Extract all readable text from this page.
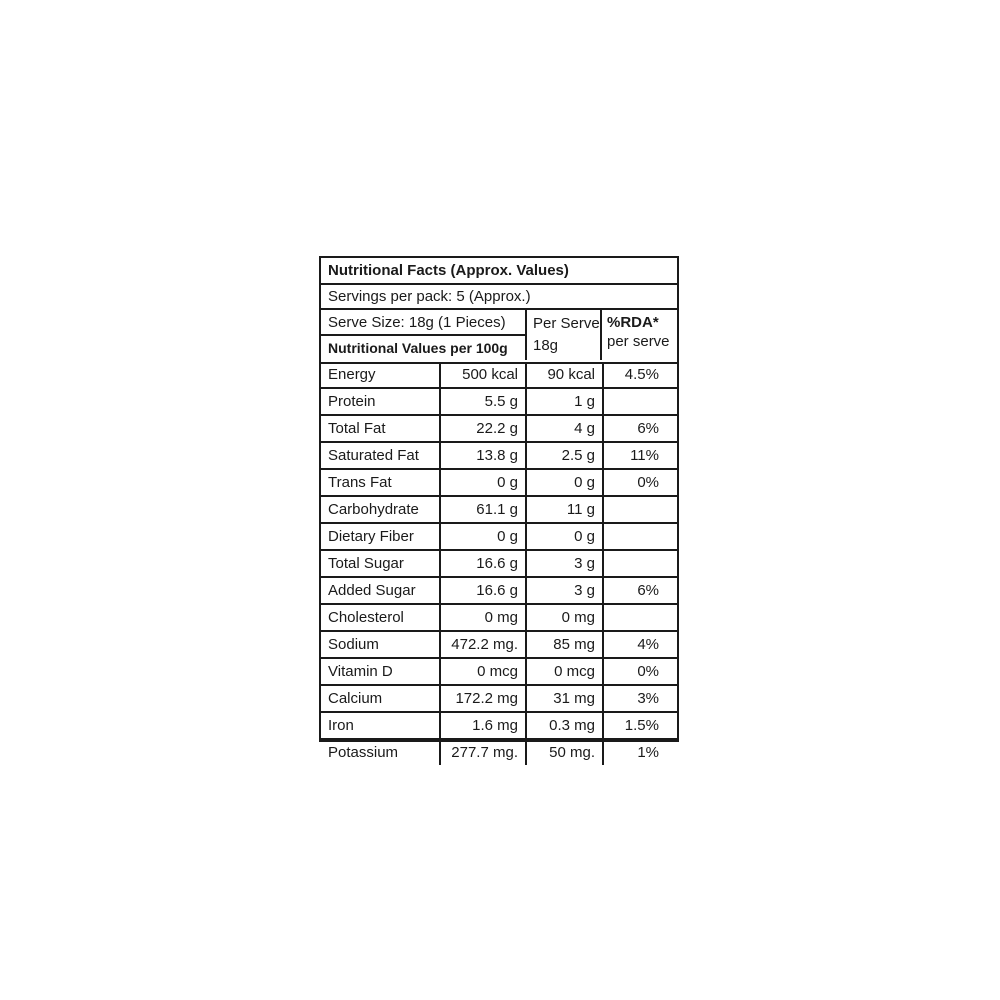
Nutritional Facts (Approx. Values)
Servings per pack: 5 (Approx.)
Serve Size: 18g (1 Pieces)
Nutritional Values per 100g
Per Serve
18g
%RDA*
per serve
Energy	500 kcal	90 kcal	4.5%
Protein	5.5 g	1 g
Total Fat	22.2 g	4 g	6%
Saturated Fat	13.8 g	2.5 g	11%
Trans Fat	0 g	0 g	0%
Carbohydrate	61.1 g	11 g
Dietary Fiber	0 g	0 g
Total Sugar	16.6 g	3 g
Added Sugar	16.6 g	3 g	6%
Cholesterol	0 mg	0 mg
Sodium	472.2 mg.	85 mg	4%
Vitamin D	0 mcg	0 mcg	0%
Calcium	172.2 mg	31 mg	3%
Iron	1.6 mg	0.3 mg	1.5%
Potassium	277.7 mg.	50 mg.	1%
